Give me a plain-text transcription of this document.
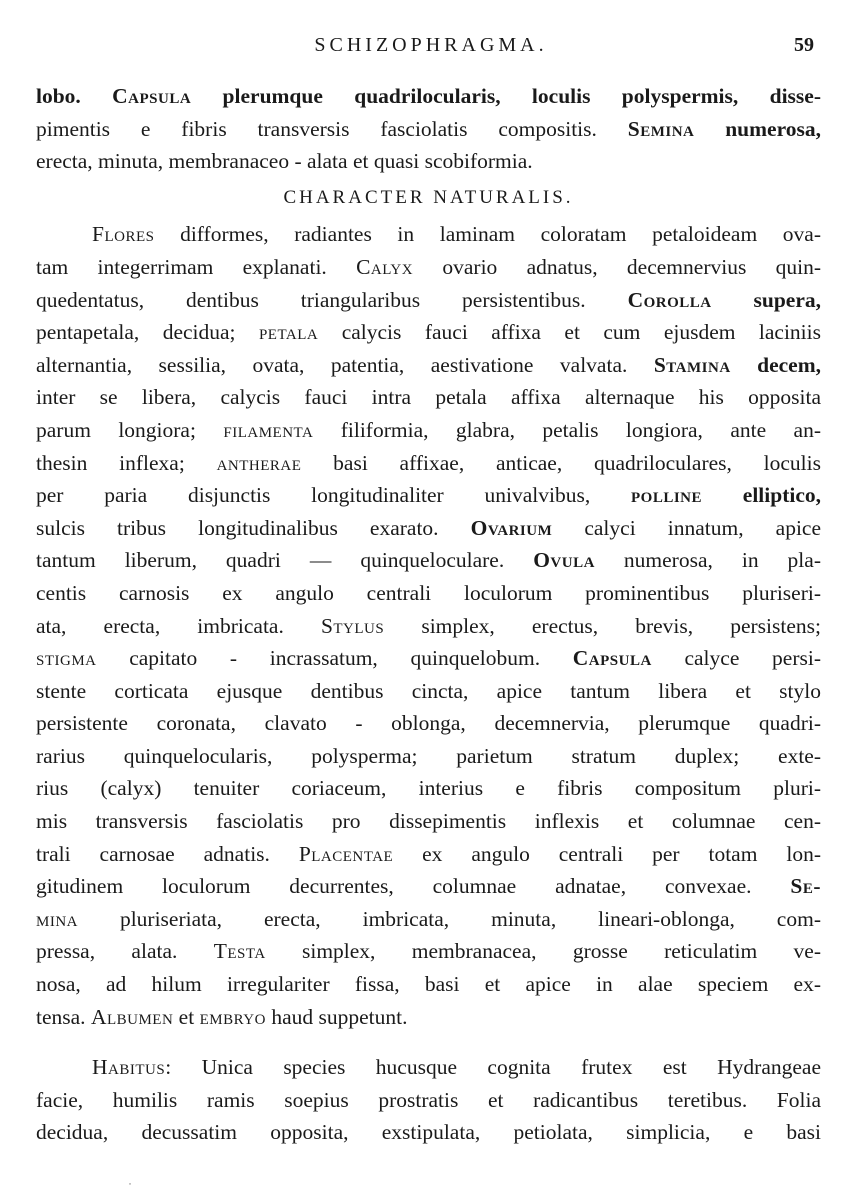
SCHIZOPHRAGMA.	59
lobo. Capsula plerumque quadrilocularis, loculis polyspermis, disse-
pimentis e fibris transversis fasciolatis compositis. Semina numerosa,
erecta, minuta, membranaceo - alata et quasi scobiformia.
CHARACTER NATURALIS.
Flores difformes, radiantes in laminam coloratam petaloideam ova-
tam integerrimam explanati. Calyx ovario adnatus, decemnervius quin-
quedentatus, dentibus triangularibus persistentibus. Corolla supera,
pentapetala, decidua; petala calycis fauci affixa et cum ejusdem laciniis
alternantia, sessilia, ovata, patentia, aestivatione valvata. Stamina decem,
inter se libera, calycis fauci intra petala affixa alternaque his opposita
parum longiora; filamenta filiformia, glabra, petalis longiora, ante an-
thesin inflexa; antherae basi affixae, anticae, quadriloculares, loculis
per paria disjunctis longitudinaliter univalvibus, polline elliptico,
sulcis tribus longitudinalibus exarato. Ovarium calyci innatum, apice
tantum liberum, quadri — quinqueloculare. Ovula numerosa, in pla-
centis carnosis ex angulo centrali loculorum prominentibus pluriseri-
ata, erecta, imbricata. Stylus simplex, erectus, brevis, persistens;
stigma capitato - incrassatum, quinquelobum. Capsula calyce persi-
stente corticata ejusque dentibus cincta, apice tantum libera et stylo
persistente coronata, clavato - oblonga, decemnervia, plerumque quadri-
rarius quinquelocularis, polysperma; parietum stratum duplex; exte-
rius (calyx) tenuiter coriaceum, interius e fibris compositum pluri-
mis transversis fasciolatis pro dissepimentis inflexis et columnae cen-
trali carnosae adnatis. Placentae ex angulo centrali per totam lon-
gitudinem loculorum decurrentes, columnae adnatae, convexae. Se-
mina pluriseriata, erecta, imbricata, minuta, lineari-oblonga, com-
pressa, alata. Testa simplex, membranacea, grosse reticulatim ve-
nosa, ad hilum irregulariter fissa, basi et apice in alae speciem ex-
tensa. Albumen et embryo haud suppetunt.
Habitus: Unica species hucusque cognita frutex est Hydrangeae
facie, humilis ramis soepius prostratis et radicantibus teretibus. Folia
decidua, decussatim opposita, exstipulata, petiolata, simplicia, e basi
˙
